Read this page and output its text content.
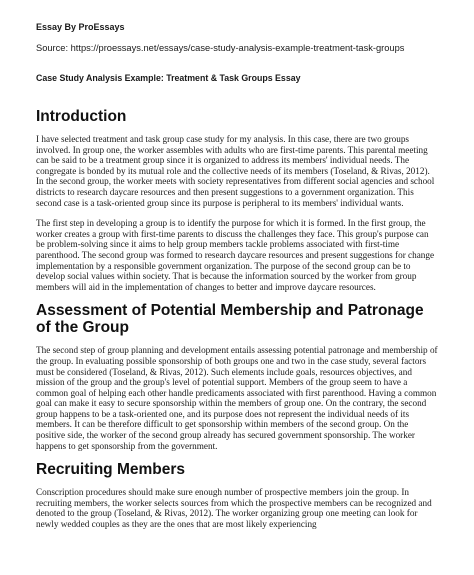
Essay By ProEssays
Source: https://proessays.net/essays/case-study-analysis-example-treatment-task-groups
Case Study Analysis Example: Treatment & Task Groups Essay
Introduction

I have selected treatment and task group case study for my analysis. In this case, there are two groups involved. In group one, the worker assembles with adults who are first-time parents. This parental meeting can be said to be a treatment group since it is organized to address its members' individual needs. The congregate is bonded by its mutual role and the collective needs of its members (Toseland, & Rivas, 2012). In the second group, the worker meets with society representatives from different social agencies and school districts to research daycare resources and then present suggestions to a government organization. This second case is a task-oriented group since its purpose is peripheral to its members' individual wants.

The first step in developing a group is to identify the purpose for which it is formed. In the first group, the worker creates a group with first-time parents to discuss the challenges they face. This group's purpose can be problem-solving since it aims to help group members tackle problems associated with first-time parenthood. The second group was formed to research daycare resources and present suggestions for change implementation by a responsible government organization. The purpose of the second group can be to develop social values within society. That is because the information sourced by the worker from group members will aid in the implementation of changes to better and improve daycare resources.

Assessment of Potential Membership and Patronage of the Group

The second step of group planning and development entails assessing potential patronage and membership of the group. In evaluating possible sponsorship of both groups one and two in the case study, several factors must be considered (Toseland, & Rivas, 2012). Such elements include goals, resources objectives, and mission of the group and the group's level of potential support. Members of the group seem to have a common goal of helping each other handle predicaments associated with first parenthood. Having a common goal can make it easy to secure sponsorship within the members of group one. On the contrary, the second group happens to be a task-oriented one, and its purpose does not represent the individual needs of its members. It can be therefore difficult to get sponsorship within members of the second group. On the positive side, the worker of the second group already has secured government sponsorship. The worker happens to get sponsorship from the government.

Recruiting Members

Conscription procedures should make sure enough number of prospective members join the group. In recruiting members, the worker selects sources from which the prospective members can be recognized and denoted to the group (Toseland, & Rivas, 2012). The worker organizing group one meeting can look for newly wedded couples as they are the ones that are most likely experiencing
